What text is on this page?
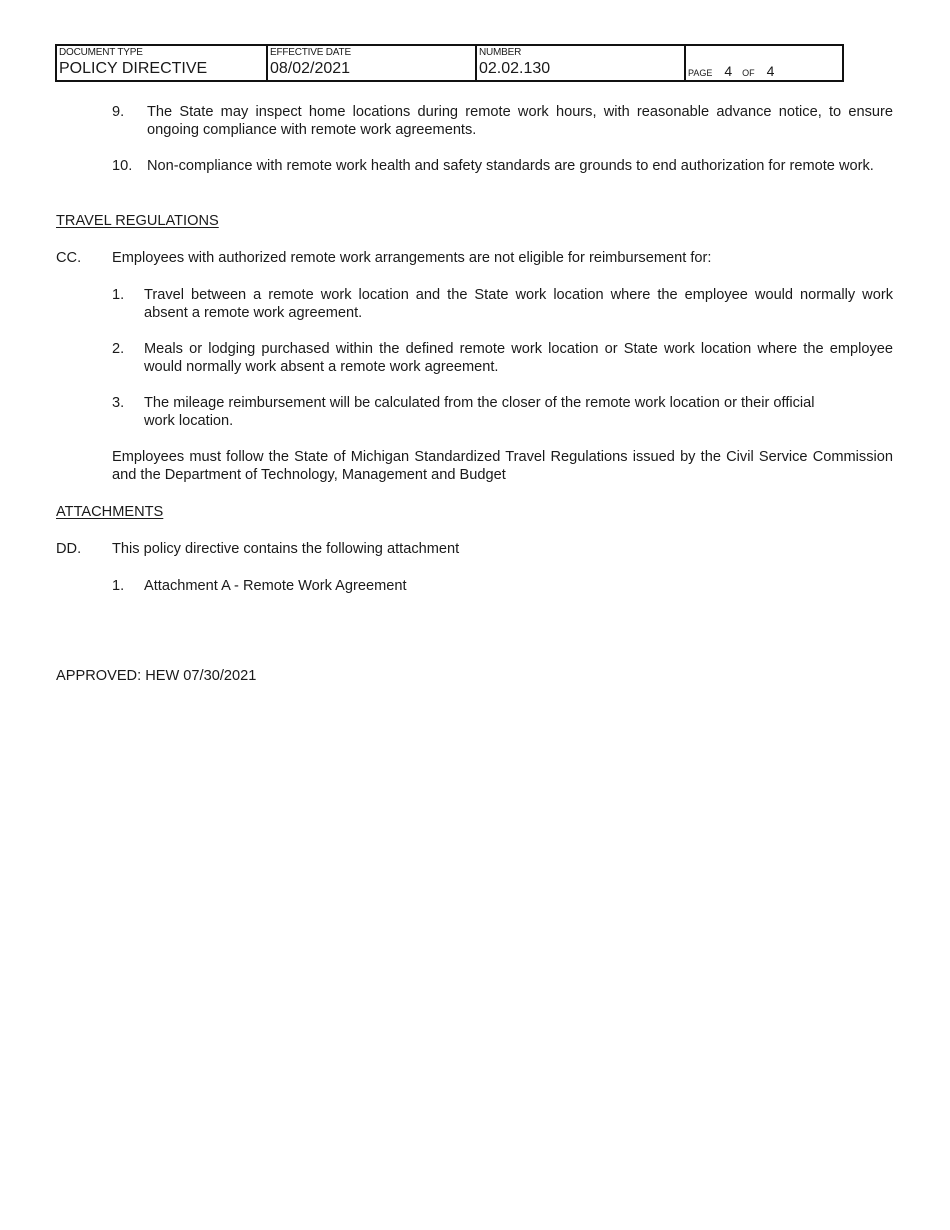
DOCUMENT TYPE
POLICY DIRECTIVE
EFFECTIVE DATE
08/02/2021
NUMBER
02.02.130	PAGE 4 OF 4
9. The State may inspect home locations during remote work hours, with reasonable advance notice, to ensure ongoing compliance with remote work agreements.

10. Non-compliance with remote work health and safety standards are grounds to end authorization for remote work.

TRAVEL REGULATIONS
CC. Employees with authorized remote work arrangements are not eligible for reimbursement for:

1. Travel between a remote work location and the State work location where the employee would normally work absent a remote work agreement.

2. Meals or lodging purchased within the defined remote work location or State work location where the employee would normally work absent a remote work agreement.

3. The mileage reimbursement will be calculated from the closer of the remote work location or their official
work location.

Employees must follow the State of Michigan Standardized Travel Regulations issued by the Civil Service Commission and the Department of Technology, Management and Budget

ATTACHMENTS
DD. This policy directive contains the following attachment

1. Attachment A - Remote Work Agreement

APPROVED: HEW 07/30/2021
